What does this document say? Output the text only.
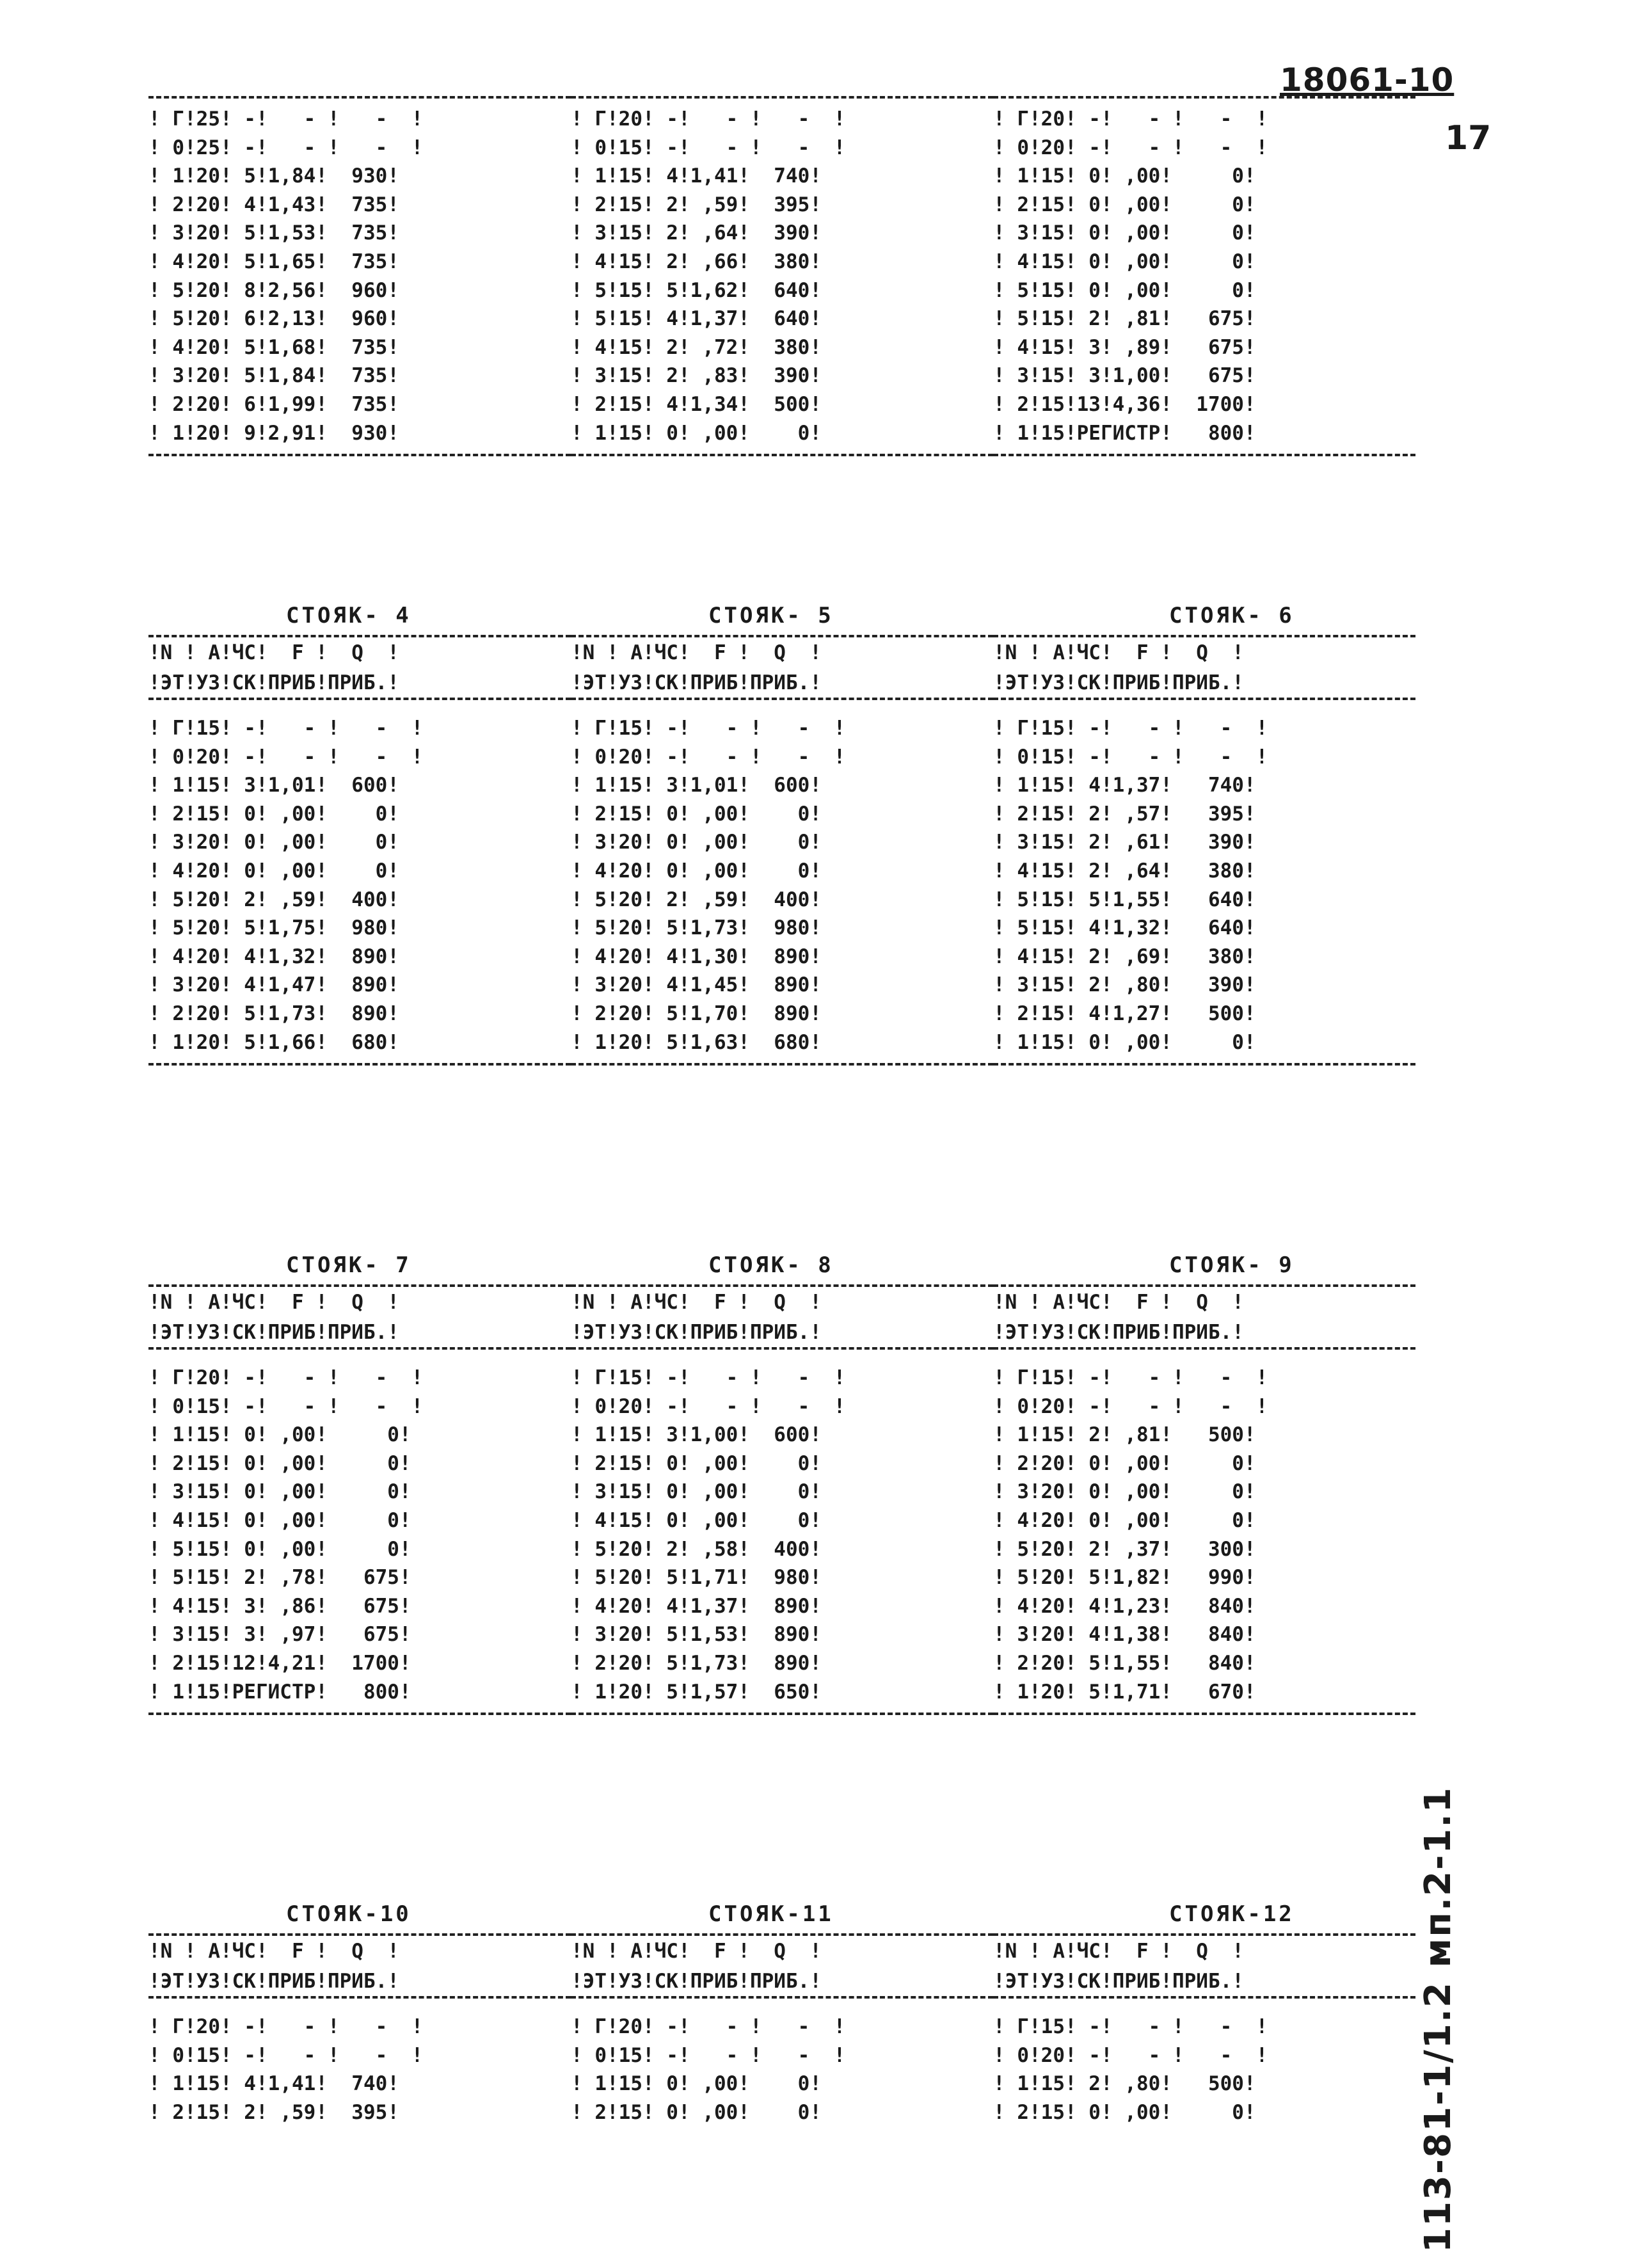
18061-10
17
113-81-1/1.2 мп.2-1.1
! Г!25! -!   - !   -  !
! 0!25! -!   - !   -  !
! 1!20! 5!1,84!  930!
! 2!20! 4!1,43!  735!
! 3!20! 5!1,53!  735!
! 4!20! 5!1,65!  735!
! 5!20! 8!2,56!  960!
! 5!20! 6!2,13!  960!
! 4!20! 5!1,68!  735!
! 3!20! 5!1,84!  735!
! 2!20! 6!1,99!  735!
! 1!20! 9!2,91!  930!
! Г!20! -!   - !   -  !
! 0!15! -!   - !   -  !
! 1!15! 4!1,41!  740!
! 2!15! 2! ,59!  395!
! 3!15! 2! ,64!  390!
! 4!15! 2! ,66!  380!
! 5!15! 5!1,62!  640!
! 5!15! 4!1,37!  640!
! 4!15! 2! ,72!  380!
! 3!15! 2! ,83!  390!
! 2!15! 4!1,34!  500!
! 1!15! 0! ,00!    0!
! Г!20! -!   - !   -  !
! 0!20! -!   - !   -  !
! 1!15! 0! ,00!     0!
! 2!15! 0! ,00!     0!
! 3!15! 0! ,00!     0!
! 4!15! 0! ,00!     0!
! 5!15! 0! ,00!     0!
! 5!15! 2! ,81!   675!
! 4!15! 3! ,89!   675!
! 3!15! 3!1,00!   675!
! 2!15!13!4,36!  1700!
! 1!15!РЕГИСТР!   800!
СТОЯК- 4
!N ! А!ЧС!  F !  Q  !
!ЭТ!УЗ!СК!ПРИБ!ПРИБ.!
! Г!15! -!   - !   -  !
! 0!20! -!   - !   -  !
! 1!15! 3!1,01!  600!
! 2!15! 0! ,00!    0!
! 3!20! 0! ,00!    0!
! 4!20! 0! ,00!    0!
! 5!20! 2! ,59!  400!
! 5!20! 5!1,75!  980!
! 4!20! 4!1,32!  890!
! 3!20! 4!1,47!  890!
! 2!20! 5!1,73!  890!
! 1!20! 5!1,66!  680!
СТОЯК- 5
!N ! А!ЧС!  F !  Q  !
!ЭТ!УЗ!СК!ПРИБ!ПРИБ.!
! Г!15! -!   - !   -  !
! 0!20! -!   - !   -  !
! 1!15! 3!1,01!  600!
! 2!15! 0! ,00!    0!
! 3!20! 0! ,00!    0!
! 4!20! 0! ,00!    0!
! 5!20! 2! ,59!  400!
! 5!20! 5!1,73!  980!
! 4!20! 4!1,30!  890!
! 3!20! 4!1,45!  890!
! 2!20! 5!1,70!  890!
! 1!20! 5!1,63!  680!
СТОЯК- 6
!N ! А!ЧС!  F !  Q  !
!ЭТ!УЗ!СК!ПРИБ!ПРИБ.!
! Г!15! -!   - !   -  !
! 0!15! -!   - !   -  !
! 1!15! 4!1,37!   740!
! 2!15! 2! ,57!   395!
! 3!15! 2! ,61!   390!
! 4!15! 2! ,64!   380!
! 5!15! 5!1,55!   640!
! 5!15! 4!1,32!   640!
! 4!15! 2! ,69!   380!
! 3!15! 2! ,80!   390!
! 2!15! 4!1,27!   500!
! 1!15! 0! ,00!     0!
СТОЯК- 7
!N ! А!ЧС!  F !  Q  !
!ЭТ!УЗ!СК!ПРИБ!ПРИБ.!
! Г!20! -!   - !   -  !
! 0!15! -!   - !   -  !
! 1!15! 0! ,00!     0!
! 2!15! 0! ,00!     0!
! 3!15! 0! ,00!     0!
! 4!15! 0! ,00!     0!
! 5!15! 0! ,00!     0!
! 5!15! 2! ,78!   675!
! 4!15! 3! ,86!   675!
! 3!15! 3! ,97!   675!
! 2!15!12!4,21!  1700!
! 1!15!РЕГИСТР!   800!
СТОЯК- 8
!N ! А!ЧС!  F !  Q  !
!ЭТ!УЗ!СК!ПРИБ!ПРИБ.!
! Г!15! -!   - !   -  !
! 0!20! -!   - !   -  !
! 1!15! 3!1,00!  600!
! 2!15! 0! ,00!    0!
! 3!15! 0! ,00!    0!
! 4!15! 0! ,00!    0!
! 5!20! 2! ,58!  400!
! 5!20! 5!1,71!  980!
! 4!20! 4!1,37!  890!
! 3!20! 5!1,53!  890!
! 2!20! 5!1,73!  890!
! 1!20! 5!1,57!  650!
СТОЯК- 9
!N ! А!ЧС!  F !  Q  !
!ЭТ!УЗ!СК!ПРИБ!ПРИБ.!
! Г!15! -!   - !   -  !
! 0!20! -!   - !   -  !
! 1!15! 2! ,81!   500!
! 2!20! 0! ,00!     0!
! 3!20! 0! ,00!     0!
! 4!20! 0! ,00!     0!
! 5!20! 2! ,37!   300!
! 5!20! 5!1,82!   990!
! 4!20! 4!1,23!   840!
! 3!20! 4!1,38!   840!
! 2!20! 5!1,55!   840!
! 1!20! 5!1,71!   670!
СТОЯК-10
!N ! А!ЧС!  F !  Q  !
!ЭТ!УЗ!СК!ПРИБ!ПРИБ.!
! Г!20! -!   - !   -  !
! 0!15! -!   - !   -  !
! 1!15! 4!1,41!  740!
! 2!15! 2! ,59!  395!
СТОЯК-11
!N ! А!ЧС!  F !  Q  !
!ЭТ!УЗ!СК!ПРИБ!ПРИБ.!
! Г!20! -!   - !   -  !
! 0!15! -!   - !   -  !
! 1!15! 0! ,00!    0!
! 2!15! 0! ,00!    0!
СТОЯК-12
!N ! А!ЧС!  F !  Q  !
!ЭТ!УЗ!СК!ПРИБ!ПРИБ.!
! Г!15! -!   - !   -  !
! 0!20! -!   - !   -  !
! 1!15! 2! ,80!   500!
! 2!15! 0! ,00!     0!
